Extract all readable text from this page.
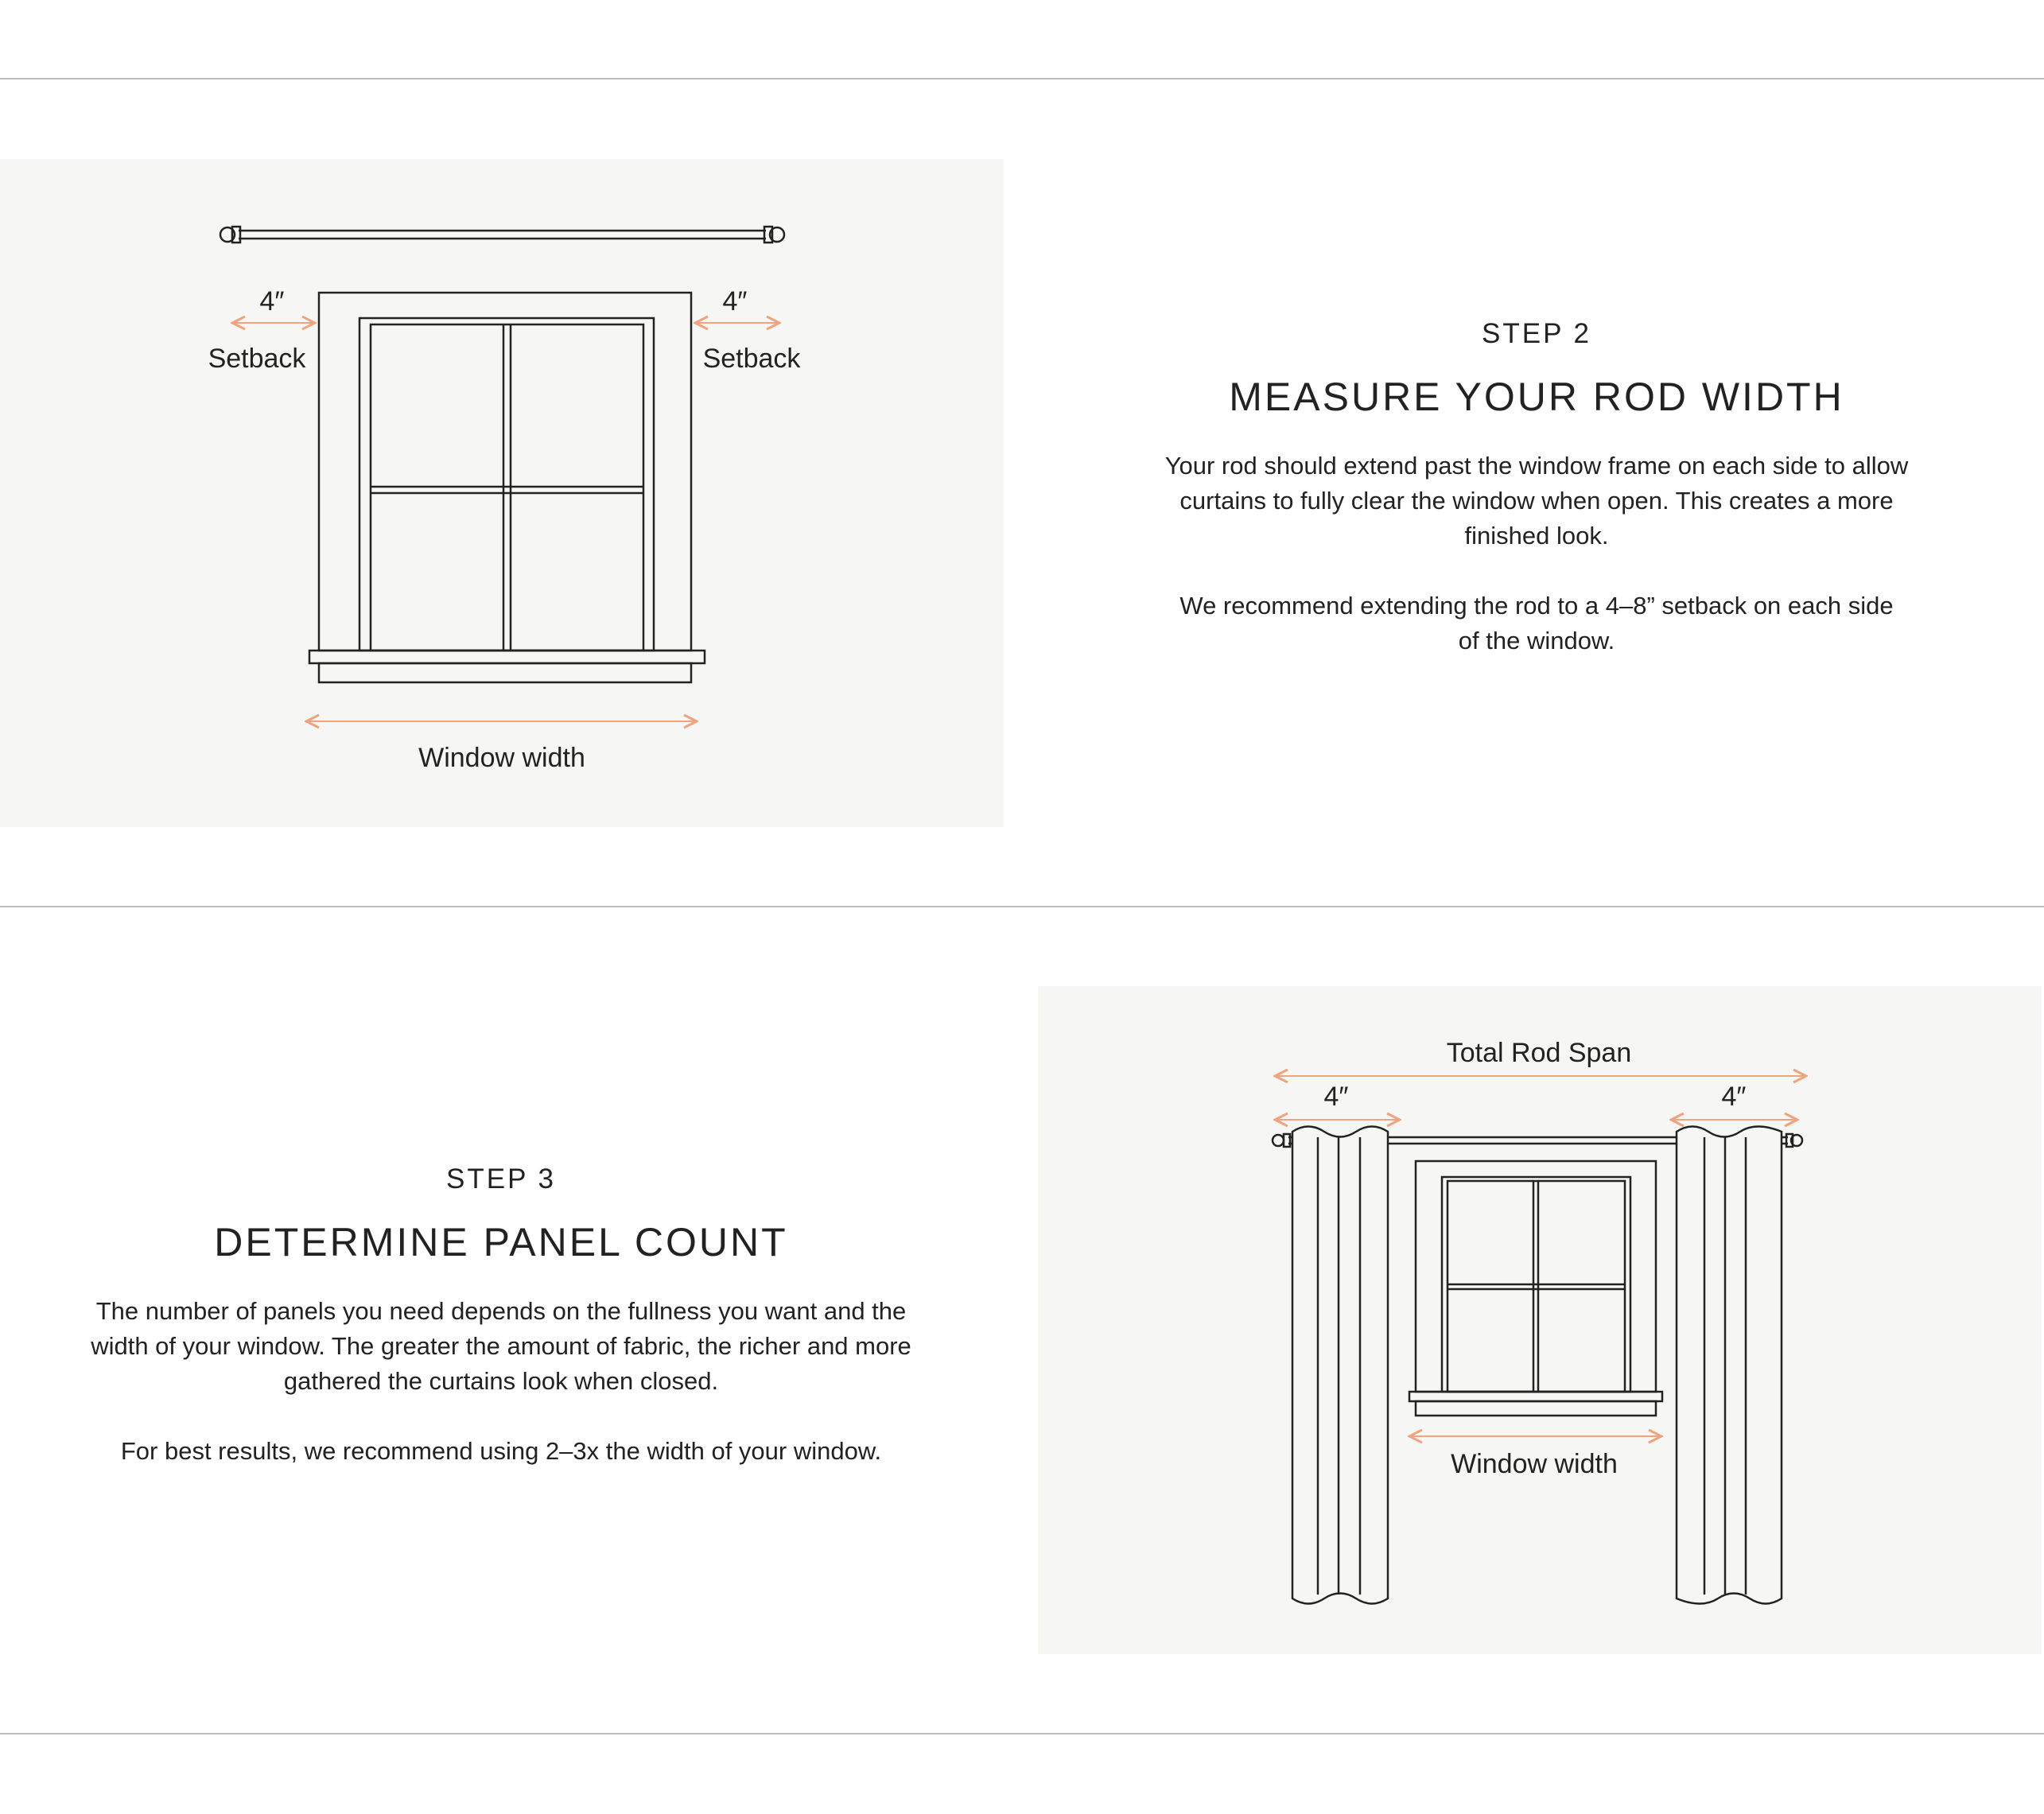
4″
Setback
4″
Setback
Window width

STEP 2

MEASURE YOUR ROD WIDTH

Your rod should extend past the window frame on each side to allow curtains to fully clear the window when open. This creates a more finished look.

We recommend extending the rod to a 4–8” setback on each side of the window.

STEP 3

DETERMINE PANEL COUNT

The number of panels you need depends on the fullness you want and the width of your window. The greater the amount of fabric, the richer and more gathered the curtains look when closed.

For best results, we recommend using 2–3x the width of your window.

Total Rod Span
4″	4″
Window width
